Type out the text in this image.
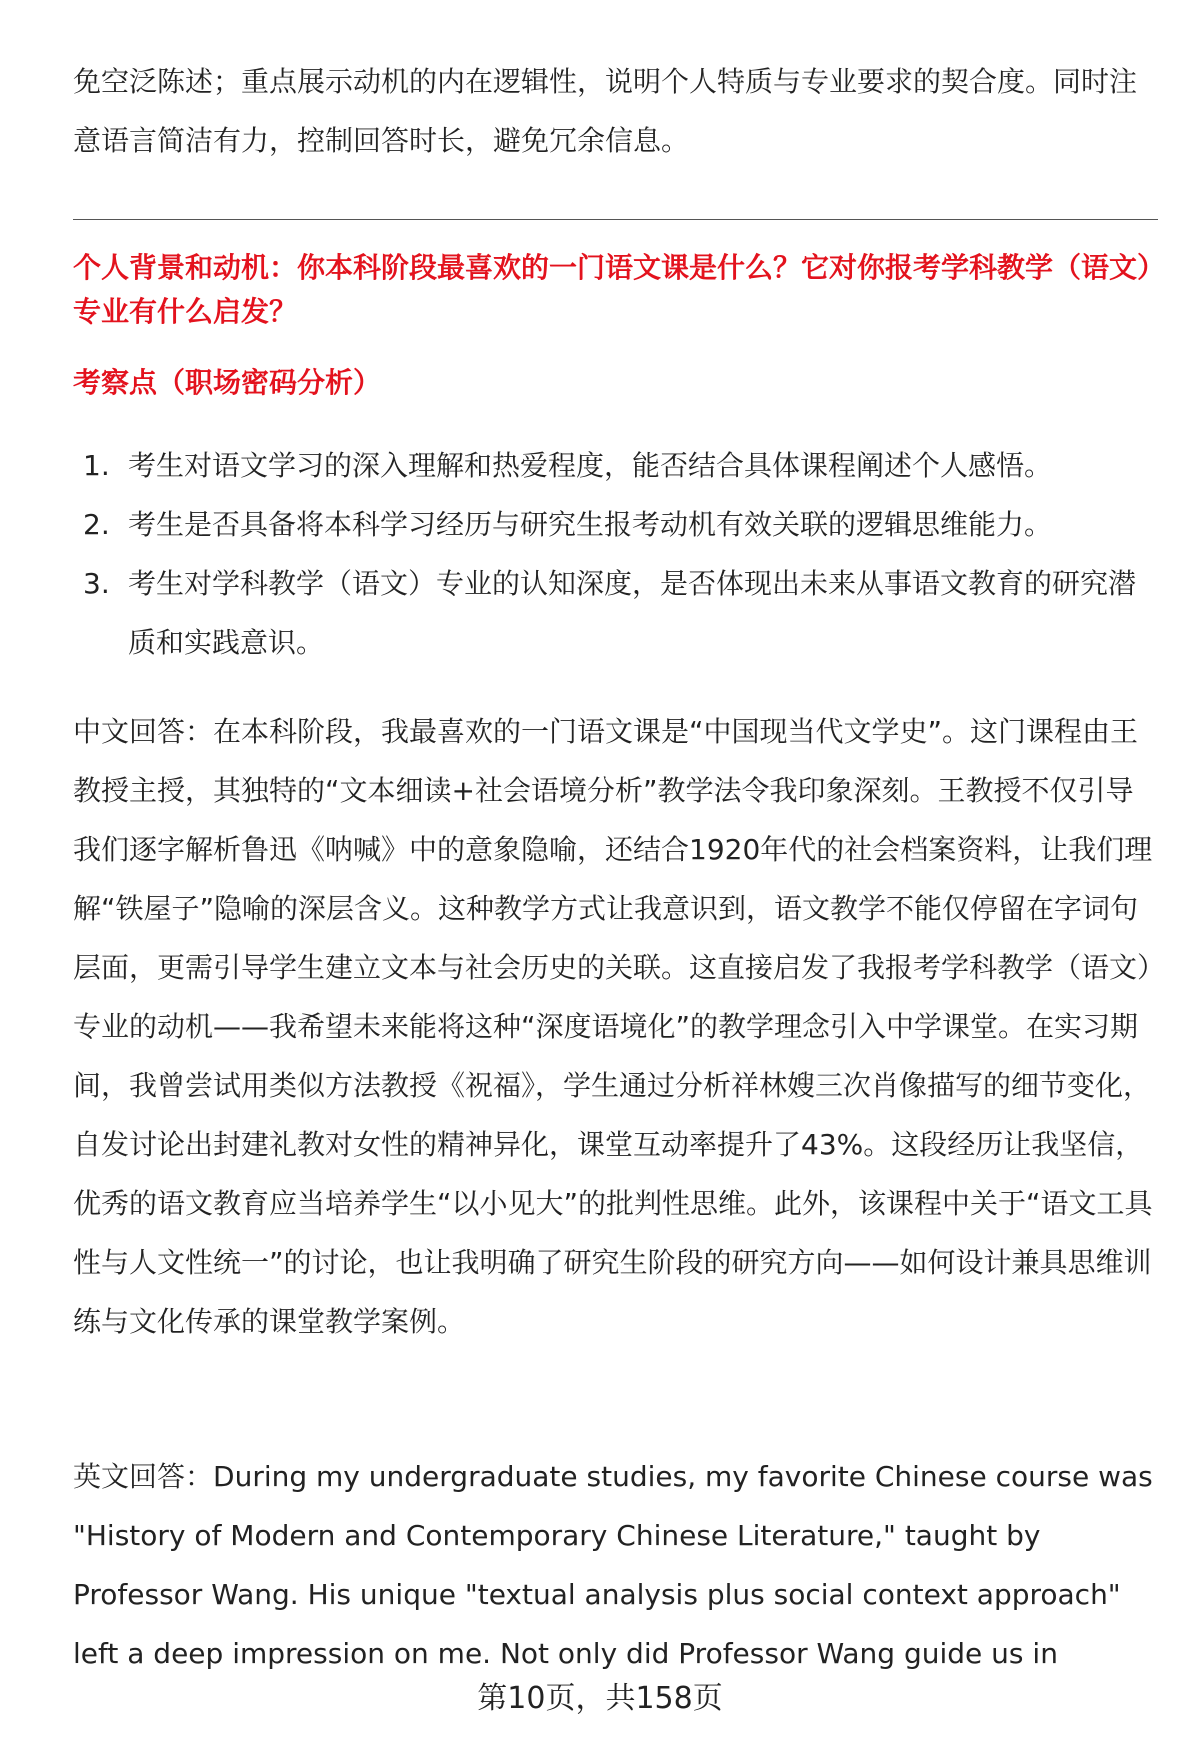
免空泛陈述；重点展示动机的内在逻辑性，说明个人特质与专业要求的契合度。同时注意语言简洁有力，控制回答时长，避免冗余信息。

个人背景和动机：你本科阶段最喜欢的一门语文课是什么？它对你报考学科教学（语文）专业有什么启发？

考察点（职场密码分析）

1. 考生对语文学习的深入理解和热爱程度，能否结合具体课程阐述个人感悟。
2. 考生是否具备将本科学习经历与研究生报考动机有效关联的逻辑思维能力。
3. 考生对学科教学（语文）专业的认知深度，是否体现出未来从事语文教育的研究潜质和实践意识。

中文回答：在本科阶段，我最喜欢的一门语文课是“中国现当代文学史”。这门课程由王教授主授，其独特的“文本细读+社会语境分析”教学法令我印象深刻。王教授不仅引导我们逐字解析鲁迅《呐喊》中的意象隐喻，还结合1920年代的社会档案资料，让我们理解“铁屋子”隐喻的深层含义。这种教学方式让我意识到，语文教学不能仅停留在字词句层面，更需引导学生建立文本与社会历史的关联。这直接启发了我报考学科教学（语文）专业的动机——我希望未来能将这种“深度语境化”的教学理念引入中学课堂。在实习期间，我曾尝试用类似方法教授《祝福》，学生通过分析祥林嫂三次肖像描写的细节变化，自发讨论出封建礼教对女性的精神异化，课堂互动率提升了43%。这段经历让我坚信，优秀的语文教育应当培养学生“以小见大”的批判性思维。此外，该课程中关于“语文工具性与人文性统一”的讨论，也让我明确了研究生阶段的研究方向——如何设计兼具思维训练与文化传承的课堂教学案例。

英文回答：During my undergraduate studies, my favorite Chinese course was "History of Modern and Contemporary Chinese Literature," taught by Professor Wang. His unique "textual analysis plus social context approach" left a deep impression on me. Not only did Professor Wang guide us in

第10页，共158页
